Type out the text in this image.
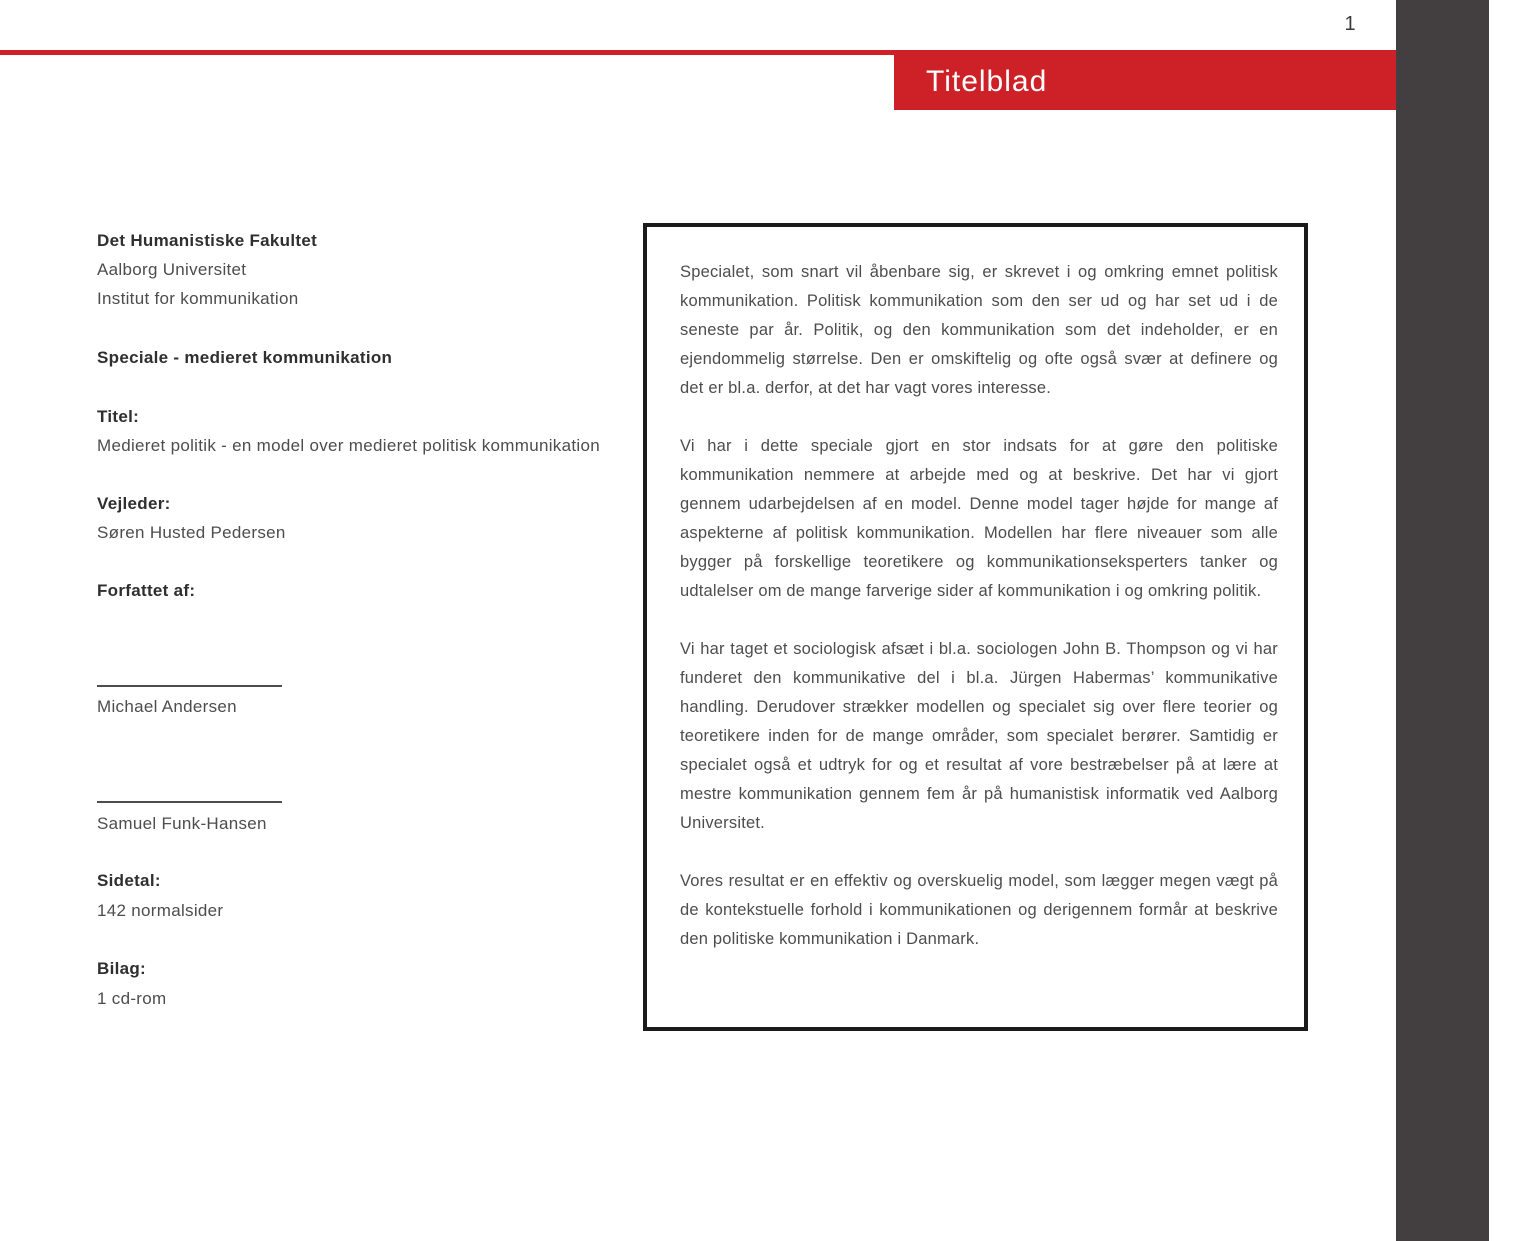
Titelblad
1
Det Humanistiske Fakultet
Aalborg Universitet
Institut for kommunikation
Speciale - medieret kommunikation
Titel:
Medieret politik - en model over medieret politisk kommunikation
Vejleder:
Søren Husted Pedersen
Forfattet af:
Michael Andersen
Samuel Funk-Hansen
Sidetal:
142 normalsider
Bilag:
1 cd-rom

Specialet, som snart vil åbenbare sig, er skrevet i og omkring emnet politisk kommunikation. Politisk kommunikation som den ser ud og har set ud i de seneste par år. Politik, og den kommunikation som det indeholder, er en ejendommelig størrelse. Den er omskiftelig og ofte også svær at definere og det er bl.a. derfor, at det har vagt vores interesse.

Vi har i dette speciale gjort en stor indsats for at gøre den politiske kommunikation nemmere at arbejde med og at beskrive. Det har vi gjort gennem udarbejdelsen af en model. Denne model tager højde for mange af aspekterne af politisk kommunikation. Modellen har flere niveauer som alle bygger på forskellige teoretikere og kommunikationseksperters tanker og udtalelser om de mange farverige sider af kommunikation i og omkring politik.

Vi har taget et sociologisk afsæt i bl.a. sociologen John B. Thompson og vi har funderet den kommunikative del i bl.a. Jürgen Habermas’ kommunikative handling. Derudover strækker modellen og specialet sig over flere teorier og teoretikere inden for de mange områder, som specialet berører. Samtidig er specialet også et udtryk for og et resultat af vore bestræbelser på at lære at mestre kommunikation gennem fem år på humanistisk informatik ved Aalborg Universitet.

Vores resultat er en effektiv og overskuelig model, som lægger megen vægt på de kontekstuelle forhold i kommunikationen og derigennem formår at beskrive den politiske kommunikation i Danmark.
